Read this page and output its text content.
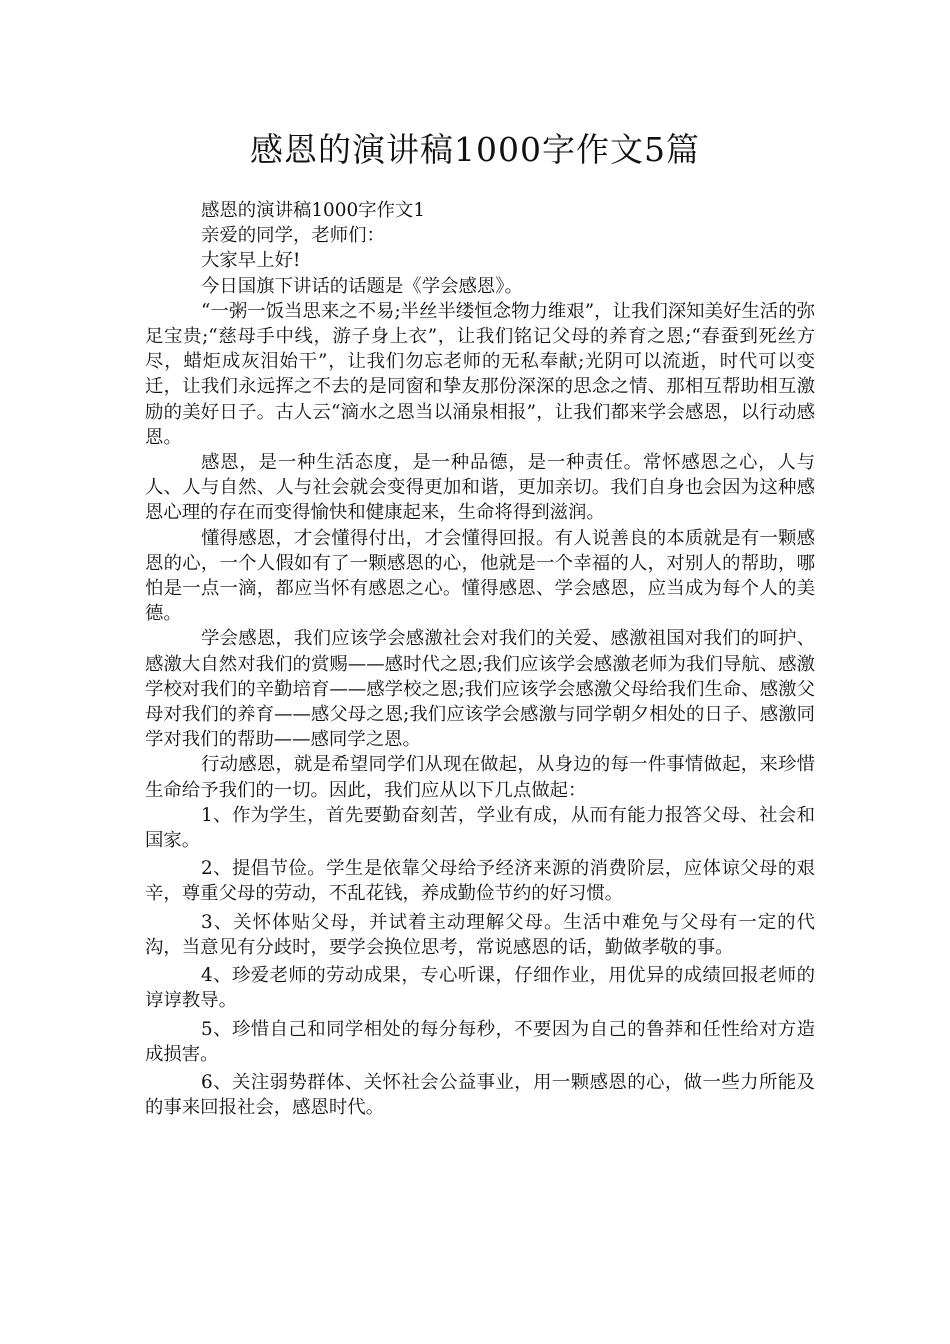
感恩的演讲稿1000字作文5篇

感恩的演讲稿1000字作文1

亲爱的同学，老师们：

大家早上好!

今日国旗下讲话的话题是《学会感恩》。

“一粥一饭当思来之不易;半丝半缕恒念物力维艰”，让我们深知美好生活的弥足宝贵;“慈母手中线，游子身上衣”，让我们铭记父母的养育之恩;“春蚕到死丝方尽，蜡炬成灰泪始干”，让我们勿忘老师的无私奉献;光阴可以流逝，时代可以变迁，让我们永远挥之不去的是同窗和挚友那份深深的思念之情、那相互帮助相互激励的美好日子。古人云“滴水之恩当以涌泉相报”，让我们都来学会感恩，以行动感恩。

感恩，是一种生活态度，是一种品德，是一种责任。常怀感恩之心，人与人、人与自然、人与社会就会变得更加和谐，更加亲切。我们自身也会因为这种感恩心理的存在而变得愉快和健康起来，生命将得到滋润。

懂得感恩，才会懂得付出，才会懂得回报。有人说善良的本质就是有一颗感恩的心，一个人假如有了一颗感恩的心，他就是一个幸福的人，对别人的帮助，哪怕是一点一滴，都应当怀有感恩之心。懂得感恩、学会感恩，应当成为每个人的美德。

学会感恩，我们应该学会感激社会对我们的关爱、感激祖国对我们的呵护、感激大自然对我们的赏赐——感时代之恩;我们应该学会感激老师为我们导航、感激学校对我们的辛勤培育——感学校之恩;我们应该学会感激父母给我们生命、感激父母对我们的养育——感父母之恩;我们应该学会感激与同学朝夕相处的日子、感激同学对我们的帮助——感同学之恩。

行动感恩，就是希望同学们从现在做起，从身边的每一件事情做起，来珍惜生命给予我们的一切。因此，我们应从以下几点做起：

1、作为学生，首先要勤奋刻苦，学业有成，从而有能力报答父母、社会和国家。

2、提倡节俭。学生是依靠父母给予经济来源的消费阶层，应体谅父母的艰辛，尊重父母的劳动，不乱花钱，养成勤俭节约的好习惯。

3、关怀体贴父母，并试着主动理解父母。生活中难免与父母有一定的代沟，当意见有分歧时，要学会换位思考，常说感恩的话，勤做孝敬的事。

4、珍爱老师的劳动成果，专心听课，仔细作业，用优异的成绩回报老师的谆谆教导。

5、珍惜自己和同学相处的每分每秒，不要因为自己的鲁莽和任性给对方造成损害。

6、关注弱势群体、关怀社会公益事业，用一颗感恩的心，做一些力所能及的事来回报社会，感恩时代。
